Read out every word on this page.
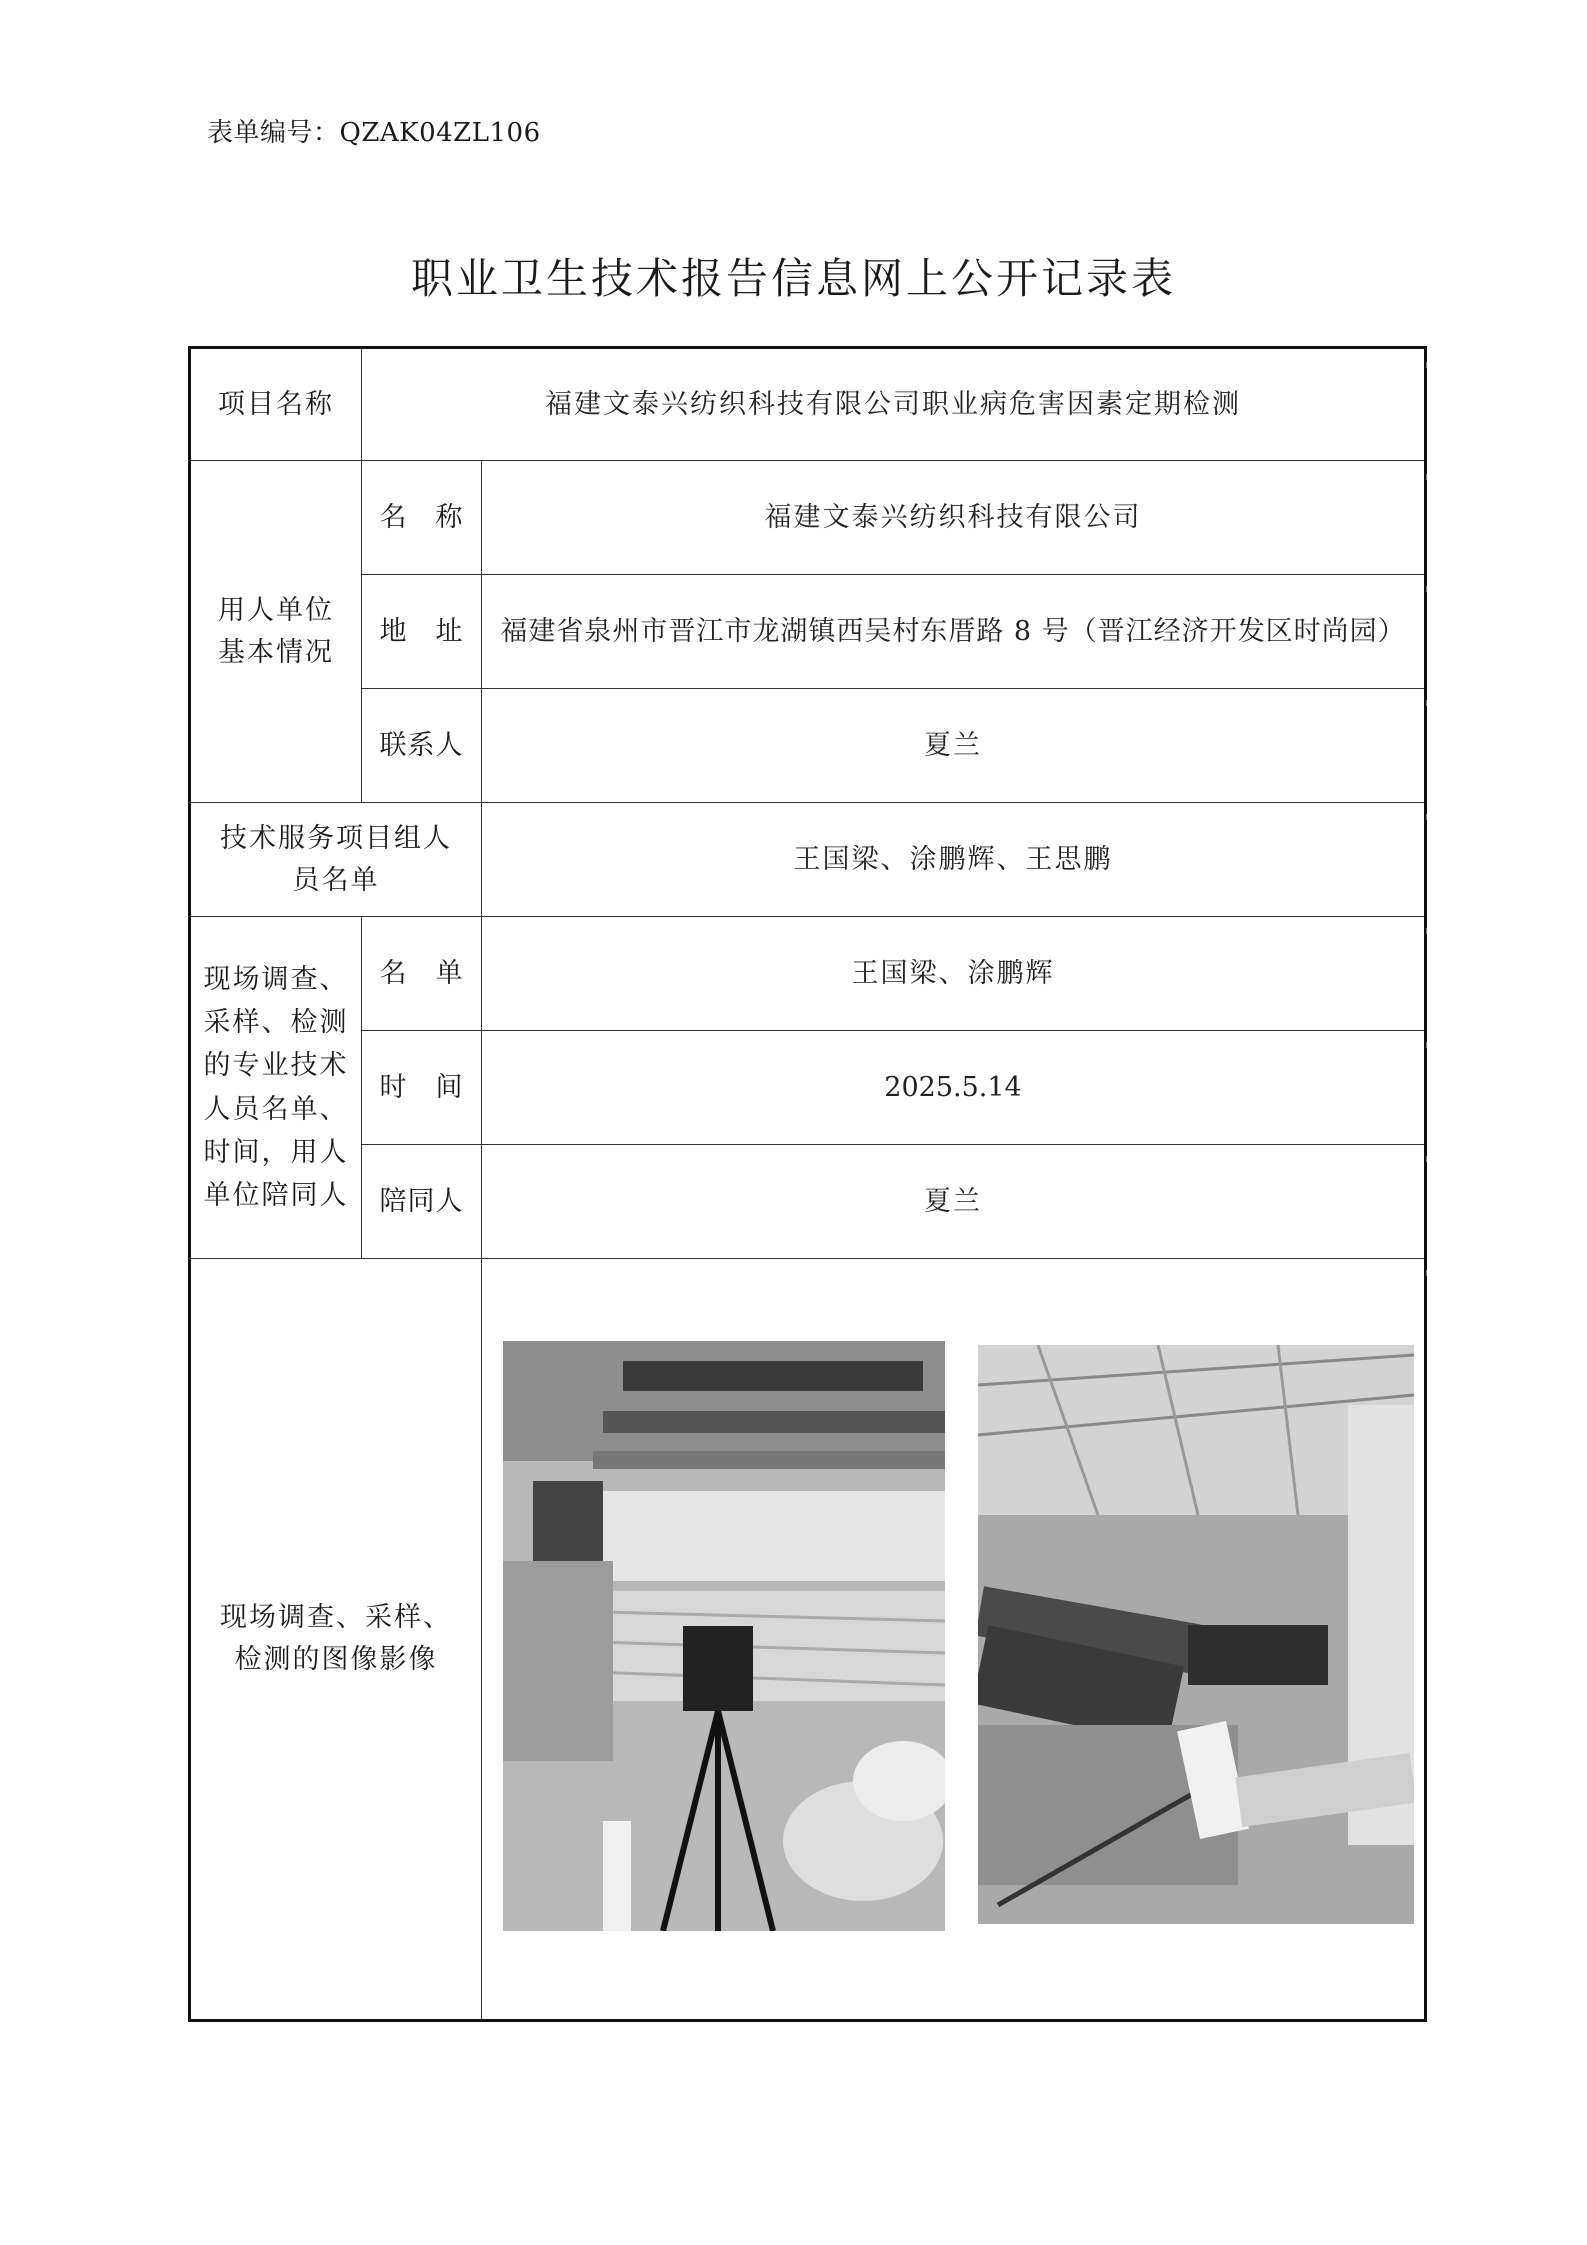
表单编号：QZAK04ZL106
职业卫生技术报告信息网上公开记录表
项目名称	福建文泰兴纺织科技有限公司职业病危害因素定期检测	
用人单位基本情况	名　称	福建文泰兴纺织科技有限公司
	地　址	福建省泉州市晋江市龙湖镇西吴村东厝路 8 号（晋江经济开发区时尚园）
	联系人	夏兰
技术服务项目组人员名单		王国梁、涂鹏辉、王思鹏
现场调查、采样、检测的专业技术人员名单、时间，用人单位陪同人	名　单	王国梁、涂鹏辉
	时　间	2025.5.14
	陪同人	夏兰
现场调查、采样、检测的图像影像	
